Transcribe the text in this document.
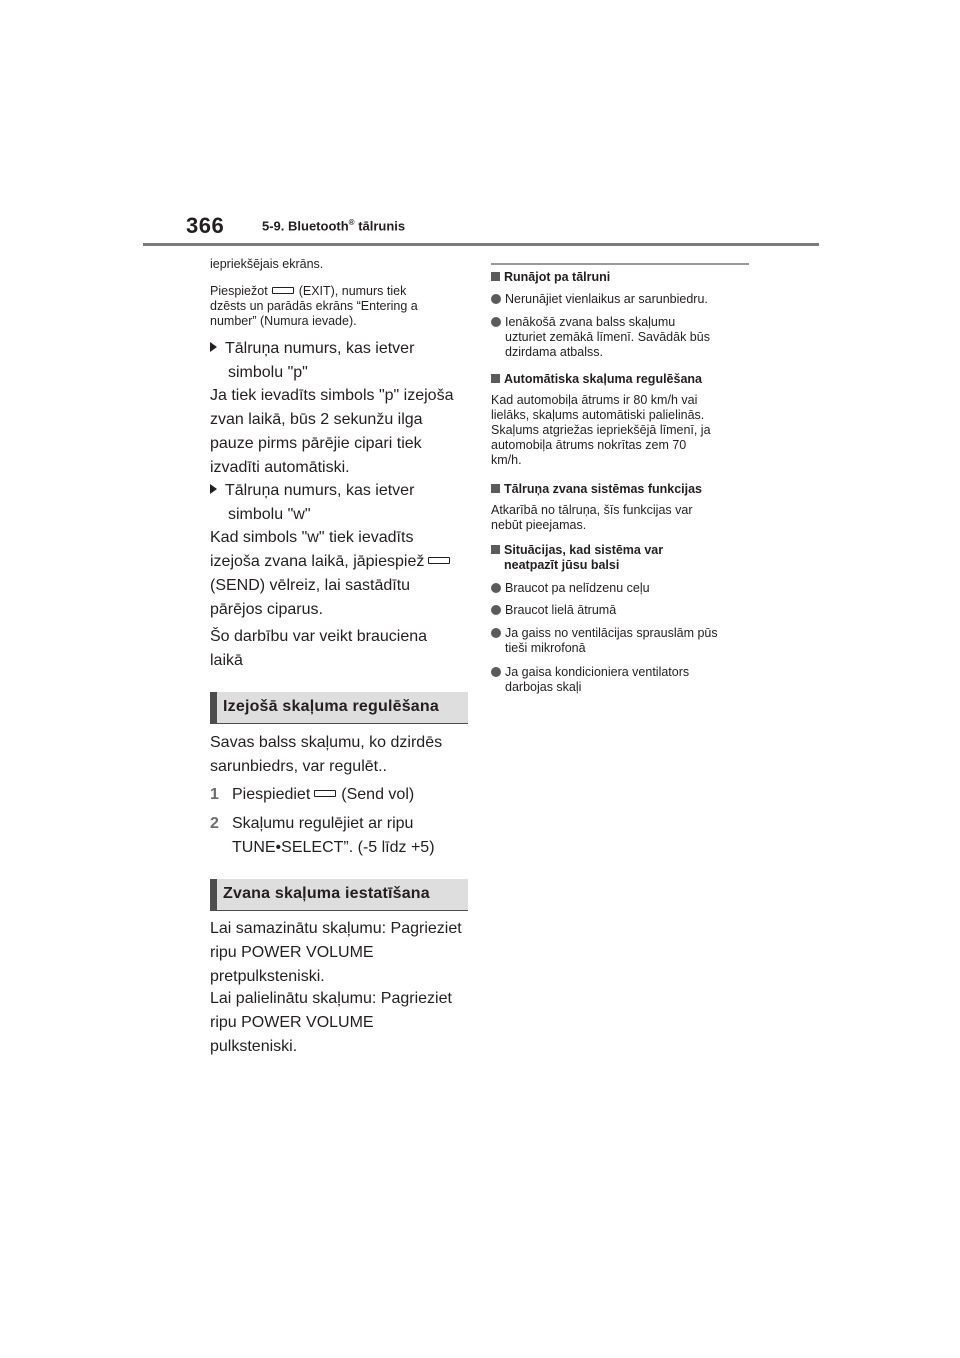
366	5-9. Bluetooth® tālrunis
iepriekšējais ekrāns.
Piespiežot (EXIT), numurs tiek
dzēsts un parādās ekrāns “Entering a
number” (Numura ievade).
Tālruņa numurs, kas ietver
simbolu "p"
Ja tiek ievadīts simbols "p" izejoša
zvan laikā, būs 2 sekunžu ilga
pauze pirms pārējie cipari tiek
izvadīti automātiski.
Tālruņa numurs, kas ietver
simbolu "w"
Kad simbols "w" tiek ievadīts
izejoša zvana laikā, jāpiespiež
(SEND) vēlreiz, lai sastādītu
pārējos ciparus.
Šo darbību var veikt brauciena
laikā
Izejošā skaļuma regulēšana
Savas balss skaļumu, ko dzirdēs
sarunbiedrs, var regulēt..
1 Piespiediet (Send vol)
2 Skaļumu regulējiet ar ripu
TUNE•SELECT”. (-5 līdz +5)
Zvana skaļuma iestatīšana
Lai samazinātu skaļumu: Pagrieziet
ripu POWER VOLUME
pretpulksteniski.
Lai palielinātu skaļumu: Pagrieziet
ripu POWER VOLUME
pulksteniski.
Runājot pa tālruni
Nerunājiet vienlaikus ar sarunbiedru.
Ienākošā zvana balss skaļumu
uzturiet zemākā līmenī. Savādāk būs
dzirdama atbalss.
Automātiska skaļuma regulēšana
Kad automobiļa ātrums ir 80 km/h vai
lielāks, skaļums automātiski palielinās.
Skaļums atgriežas iepriekšējā līmenī, ja
automobiļa ātrums nokrītas zem 70
km/h.
Tālruņa zvana sistēmas funkcijas
Atkarībā no tālruņa, šīs funkcijas var
nebūt pieejamas.
Situācijas, kad sistēma var
neatpazīt jūsu balsi
Braucot pa nelīdzenu ceļu
Braucot lielā ātrumā
Ja gaiss no ventilācijas sprauslām pūs
tieši mikrofonā
Ja gaisa kondicioniera ventilators
darbojas skaļi
